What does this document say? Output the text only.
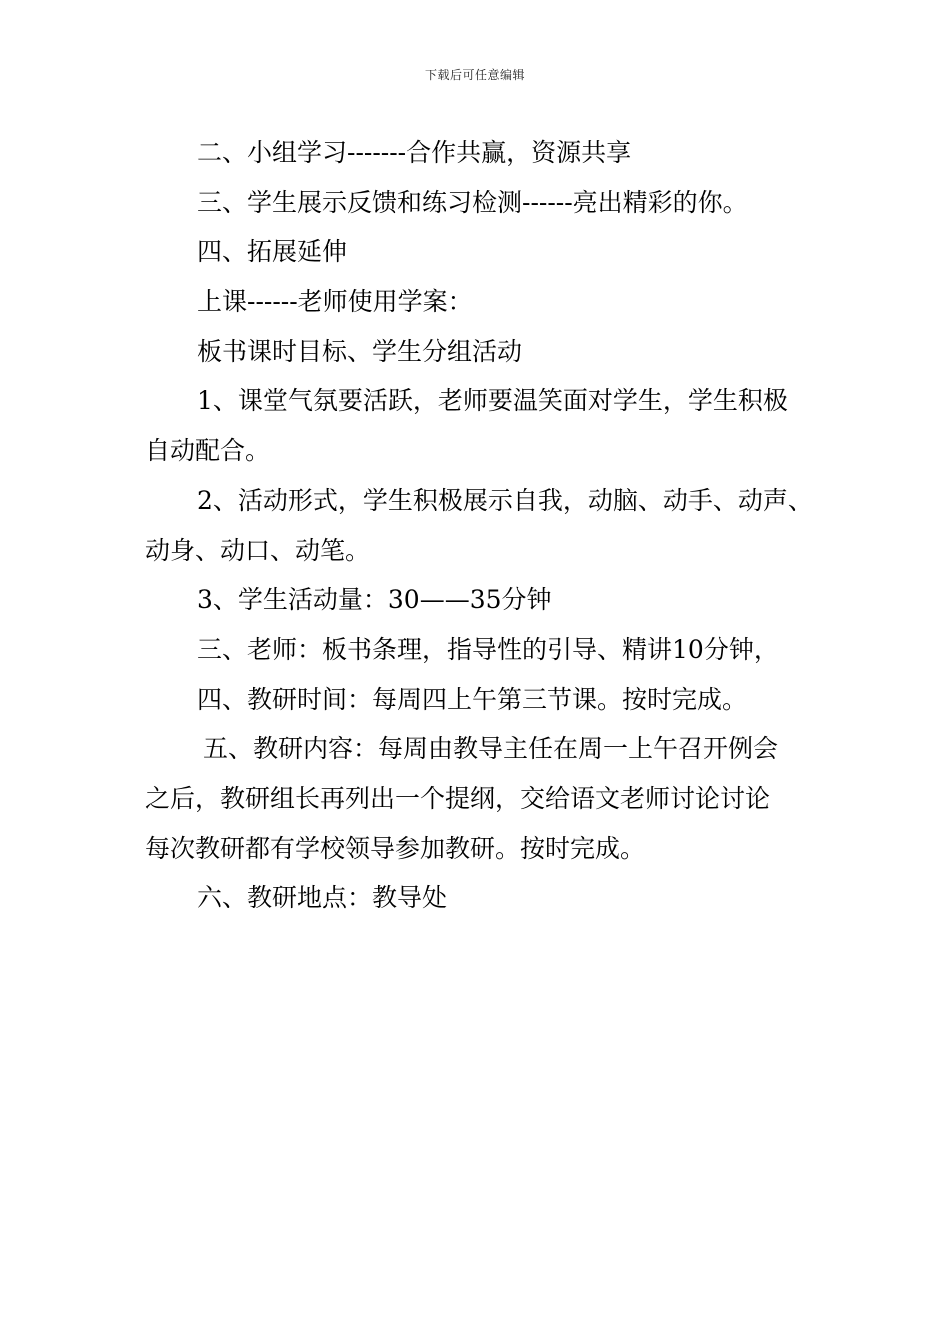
下载后可任意编辑

二、小组学习-------合作共赢，资源共享

三、学生展示反馈和练习检测------亮出精彩的你。

四、拓展延伸

上课------老师使用学案：

板书课时目标、学生分组活动

1、课堂气氛要活跃，老师要温笑面对学生，学生积极

自动配合。

2、活动形式，学生积极展示自我，动脑、动手、动声、

动身、动口、动笔。

3、学生活动量：30——35分钟

三、老师：板书条理，指导性的引导、精讲10分钟，

四、教研时间：每周四上午第三节课。按时完成。

五、教研内容：每周由教导主任在周一上午召开例会

之后，教研组长再列出一个提纲，交给语文老师讨论讨论

每次教研都有学校领导参加教研。按时完成。

六、教研地点：教导处
